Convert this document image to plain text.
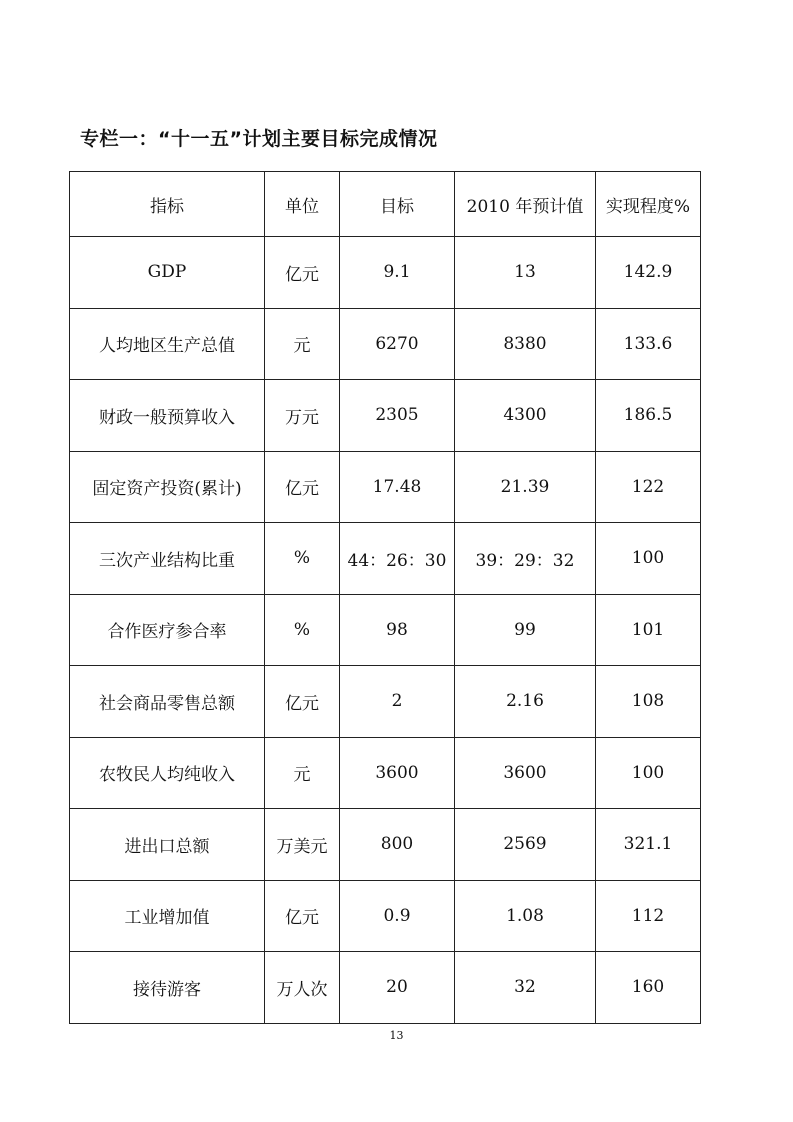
专栏一：“十一五”计划主要目标完成情况
指标	单位	目标	2010 年预计值	实现程度%
GDP	亿元	9.1	13	142.9
人均地区生产总值	元	6270	8380	133.6
财政一般预算收入	万元	2305	4300	186.5
固定资产投资(累计)	亿元	17.48	21.39	122
三次产业结构比重	%	44：26：30	39：29：32	100
合作医疗参合率	%	98	99	101
社会商品零售总额	亿元	2	2.16	108
农牧民人均纯收入	元	3600	3600	100
进出口总额	万美元	800	2569	321.1
工业增加值	亿元	0.9	1.08	112
接待游客	万人次	20	32	160
13
